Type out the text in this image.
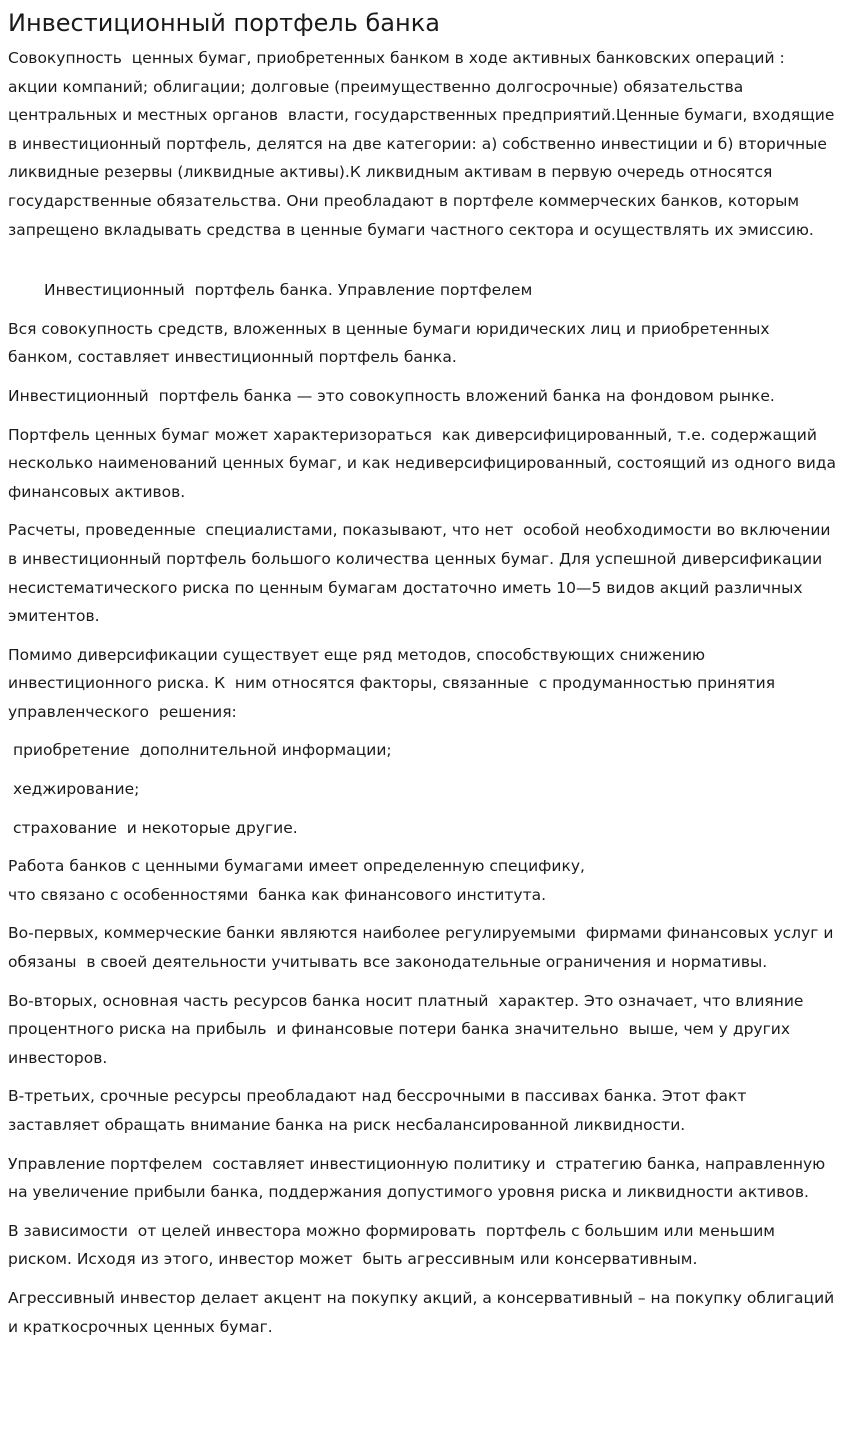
Инвестиционный портфель банка

Совокупность  ценных бумаг, приобретенных банком в ходе активных банковских операций : акции компаний; облигации; долговые (преимущественно долгосрочные) обязательства центральных и местных органов  власти, государственных предприятий.Ценные бумаги, входящие в инвестиционный портфель, делятся на две категории: а) собственно инвестиции и б) вторичные ликвидные резервы (ликвидные активы).К ликвидным активам в первую очередь относятся государственные обязательства. Они преобладают в портфеле коммерческих банков, которым запрещено вкладывать средства в ценные бумаги частного сектора и осуществлять их эмиссию.

Инвестиционный  портфель банка. Управление портфелем

Вся совокупность средств, вложенных в ценные бумаги юридических лиц и приобретенных банком, составляет инвестиционный портфель банка.

Инвестиционный  портфель банка — это совокупность вложений банка на фондовом рынке.

Портфель ценных бумаг может характеризораться  как диверсифицированный, т.е. содержащий несколько наименований ценных бумаг, и как недиверсифицированный, состоящий из одного вида финансовых активов.

Расчеты, проведенные  специалистами, показывают, что нет  особой необходимости во включении  в инвестиционный портфель большого количества ценных бумаг. Для успешной диверсификации несистематического риска по ценным бумагам достаточно иметь 10—5 видов акций различных эмитентов.

Помимо диверсификации существует еще ряд методов, способствующих снижению инвестиционного риска. К  ним относятся факторы, связанные  с продуманностью принятия управленческого  решения:

приобретение  дополнительной информации;

хеджирование;

страхование  и некоторые другие.

Работа банков с ценными бумагами имеет определенную специфику,
что связано с особенностями  банка как финансового института.

Во-первых, коммерческие банки являются наиболее регулируемыми  фирмами финансовых услуг и обязаны  в своей деятельности учитывать все законодательные ограничения и нормативы.

Во-вторых, основная часть ресурсов банка носит платный  характер. Это означает, что влияние процентного риска на прибыль  и финансовые потери банка значительно  выше, чем у других инвесторов.

В-третьих, срочные ресурсы преобладают над бессрочными в пассивах банка. Этот факт заставляет обращать внимание банка на риск несбалансированной ликвидности.

Управление портфелем  составляет инвестиционную политику и  стратегию банка, направленную на увеличение прибыли банка, поддержания допустимого уровня риска и ликвидности активов.

В зависимости  от целей инвестора можно формировать  портфель с большим или меньшим риском. Исходя из этого, инвестор может  быть агрессивным или консервативным.

Агрессивный инвестор делает акцент на покупку акций, а консервативный – на покупку облигаций и краткосрочных ценных бумаг.
